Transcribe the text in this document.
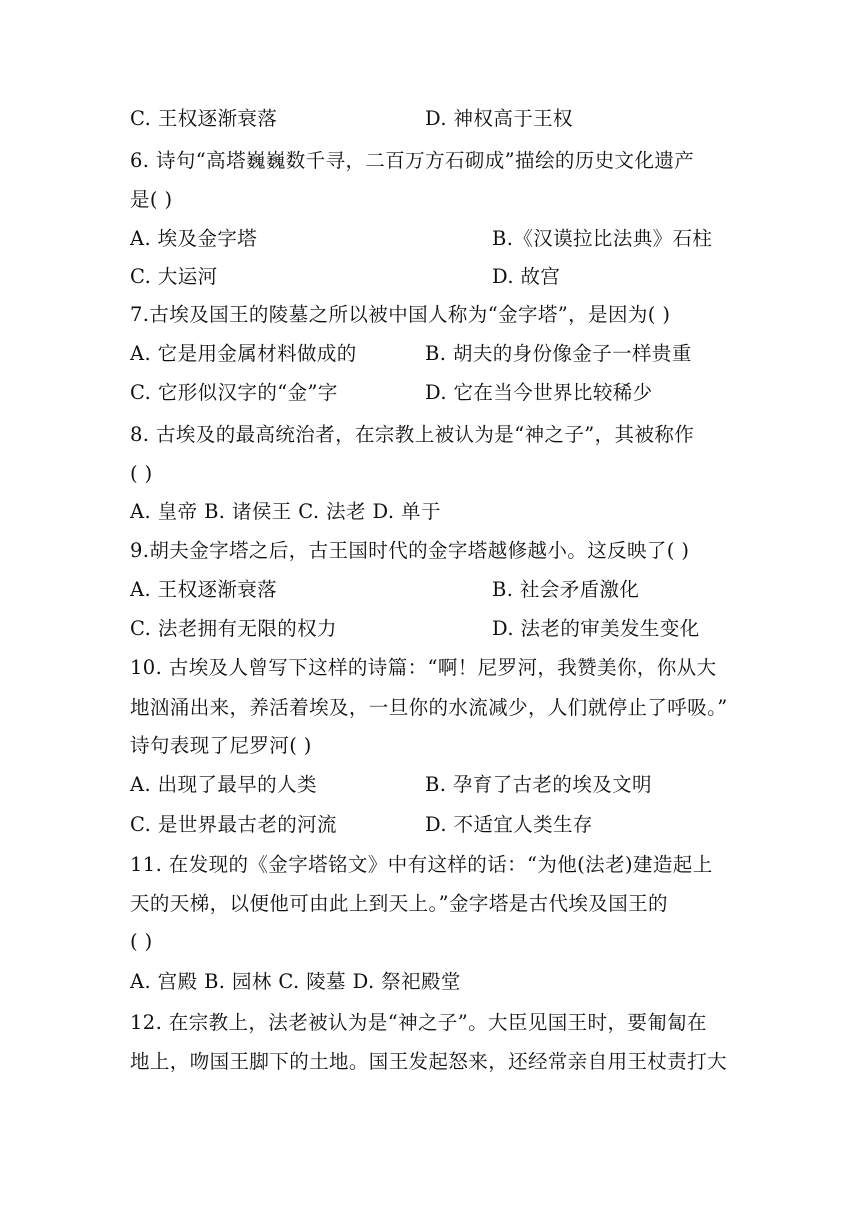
C. 王权逐渐衰落	D. 神权高于王权
6. 诗句“高塔巍巍数千寻，二百万方石砌成”描绘的历史文化遗产
是( )
A. 埃及金字塔	B.《汉谟拉比法典》石柱
C. 大运河	D. 故宫
7.古埃及国王的陵墓之所以被中国人称为“金字塔”，是因为( )
A. 它是用金属材料做成的	B. 胡夫的身份像金子一样贵重
C. 它形似汉字的“金”字	D. 它在当今世界比较稀少
8. 古埃及的最高统治者，在宗教上被认为是“神之子”，其被称作
( )
A. 皇帝 B. 诸侯王 C. 法老 D. 单于
9.胡夫金字塔之后，古王国时代的金字塔越修越小。这反映了( )
A. 王权逐渐衰落	B. 社会矛盾激化
C. 法老拥有无限的权力	D. 法老的审美发生变化
10. 古埃及人曾写下这样的诗篇：“啊！尼罗河，我赞美你，你从大
地汹涌出来，养活着埃及，一旦你的水流减少，人们就停止了呼吸。”
诗句表现了尼罗河( )
A. 出现了最早的人类	B. 孕育了古老的埃及文明
C. 是世界最古老的河流	D. 不适宜人类生存
11. 在发现的《金字塔铭文》中有这样的话：“为他(法老)建造起上
天的天梯，以便他可由此上到天上。”金字塔是古代埃及国王的
( )
A. 宫殿 B. 园林 C. 陵墓 D. 祭祀殿堂
12. 在宗教上，法老被认为是“神之子”。大臣见国王时，要匍匐在
地上，吻国王脚下的土地。国王发起怒来，还经常亲自用王杖责打大
